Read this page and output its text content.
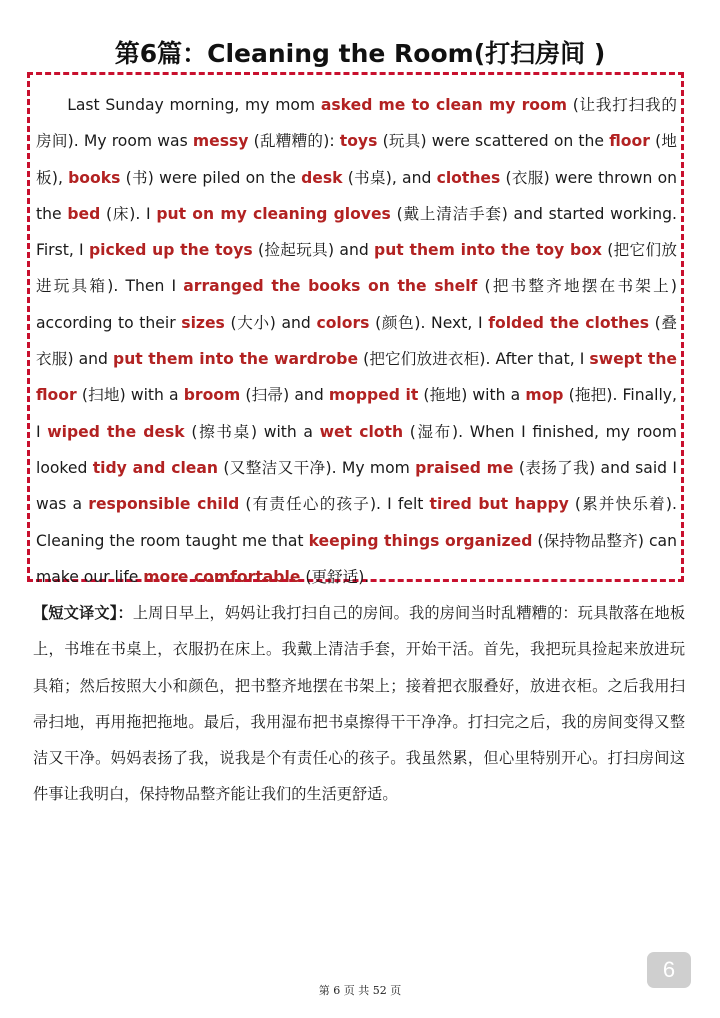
第6篇：Cleaning the Room(打扫房间 )

Last Sunday morning, my mom asked me to clean my room (让我打扫我的房间). My room was messy (乱糟糟的): toys (玩具) were scattered on the floor (地板), books (书) were piled on the desk (书桌), and clothes (衣服) were thrown on the bed (床). I put on my cleaning gloves (戴上清洁手套) and started working. First, I picked up the toys (捡起玩具) and put them into the toy box (把它们放进玩具箱). Then I arranged the books on the shelf (把书整齐地摆在书架上) according to their sizes (大小) and colors (颜色). Next, I folded the clothes (叠衣服) and put them into the wardrobe (把它们放进衣柜). After that, I swept the floor (扫地) with a broom (扫帚) and mopped it (拖地) with a mop (拖把). Finally, I wiped the desk (擦书桌) with a wet cloth (湿布). When I finished, my room looked tidy and clean (又整洁又干净). My mom praised me (表扬了我) and said I was a responsible child (有责任心的孩子). I felt tired but happy (累并快乐着). Cleaning the room taught me that keeping things organized (保持物品整齐) can make our life more comfortable (更舒适).

【短文译文】：上周日早上，妈妈让我打扫自己的房间。我的房间当时乱糟糟的：玩具散落在地板上，书堆在书桌上，衣服扔在床上。我戴上清洁手套，开始干活。首先，我把玩具捡起来放进玩具箱；然后按照大小和颜色，把书整齐地摆在书架上；接着把衣服叠好，放进衣柜。之后我用扫帚扫地，再用拖把拖地。最后，我用湿布把书桌擦得干干净净。打扫完之后，我的房间变得又整洁又干净。妈妈表扬了我，说我是个有责任心的孩子。我虽然累，但心里特别开心。打扫房间这件事让我明白，保持物品整齐能让我们的生活更舒适。

6
第 6 页 共 52 页
